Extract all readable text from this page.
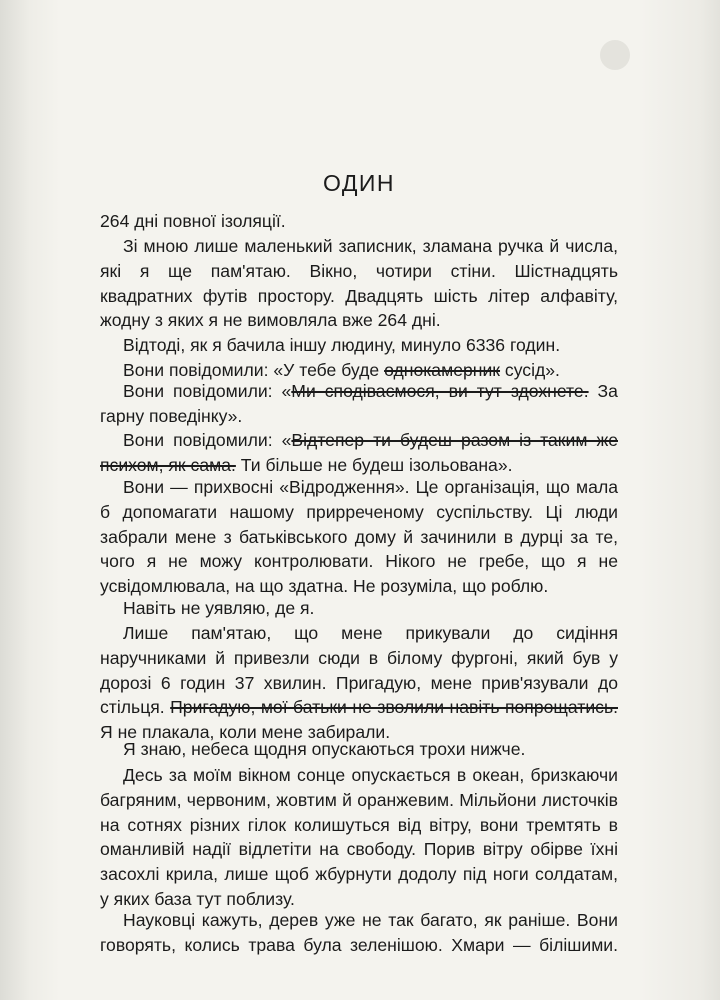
ОДИН

264 дні повної ізоляції.

Зі мною лише маленький записник, зламана ручка й числа, які я ще пам'ятаю. Вікно, чотири стіни. Шістнадцять квадратних футів простору. Двадцять шість літер алфавіту, жодну з яких я не вимовляла вже 264 дні.

Відтоді, як я бачила іншу людину, минуло 6336 годин.

Вони повідомили: «У тебе буде однокамерник сусід».

Вони повідомили: «Ми сподіваємося, ви тут здохнете. За гарну поведінку».

Вони повідомили: «Відтепер ти будеш разом із таким же психом, як сама. Ти більше не будеш ізольована».

Вони — прихвосні «Відродження». Це організація, що мала б допомагати нашому прирреченому суспільству. Ці люди забрали мене з батьківського дому й зачинили в дурці за те, чого я не можу контролювати. Нікого не гребе, що я не усвідомлювала, на що здатна. Не розуміла, що роблю.

Навіть не уявляю, де я.

Лише пам'ятаю, що мене прикували до сидіння наручниками й привезли сюди в білому фургоні, який був у дорозі 6 годин 37 хвилин. Пригадую, мене прив'язували до стільця. Пригадую, мої батьки не зволили навіть попрощатись. Я не плакала, коли мене забирали.

Я знаю, небеса щодня опускаються трохи нижче.

Десь за моїм вікном сонце опускається в океан, бризкаючи багряним, червоним, жовтим й оранжевим. Мільйони листочків на сотнях різних гілок колишуться від вітру, вони тремтять в оманливій надії відлетіти на свободу. Порив вітру обірве їхні засохлі крила, лише щоб жбурнути додолу під ноги солдатам, у яких база тут поблизу.

Науковці кажуть, дерев уже не так багато, як раніше. Вони говорять, колись трава була зеленішою. Хмари — білішими.
